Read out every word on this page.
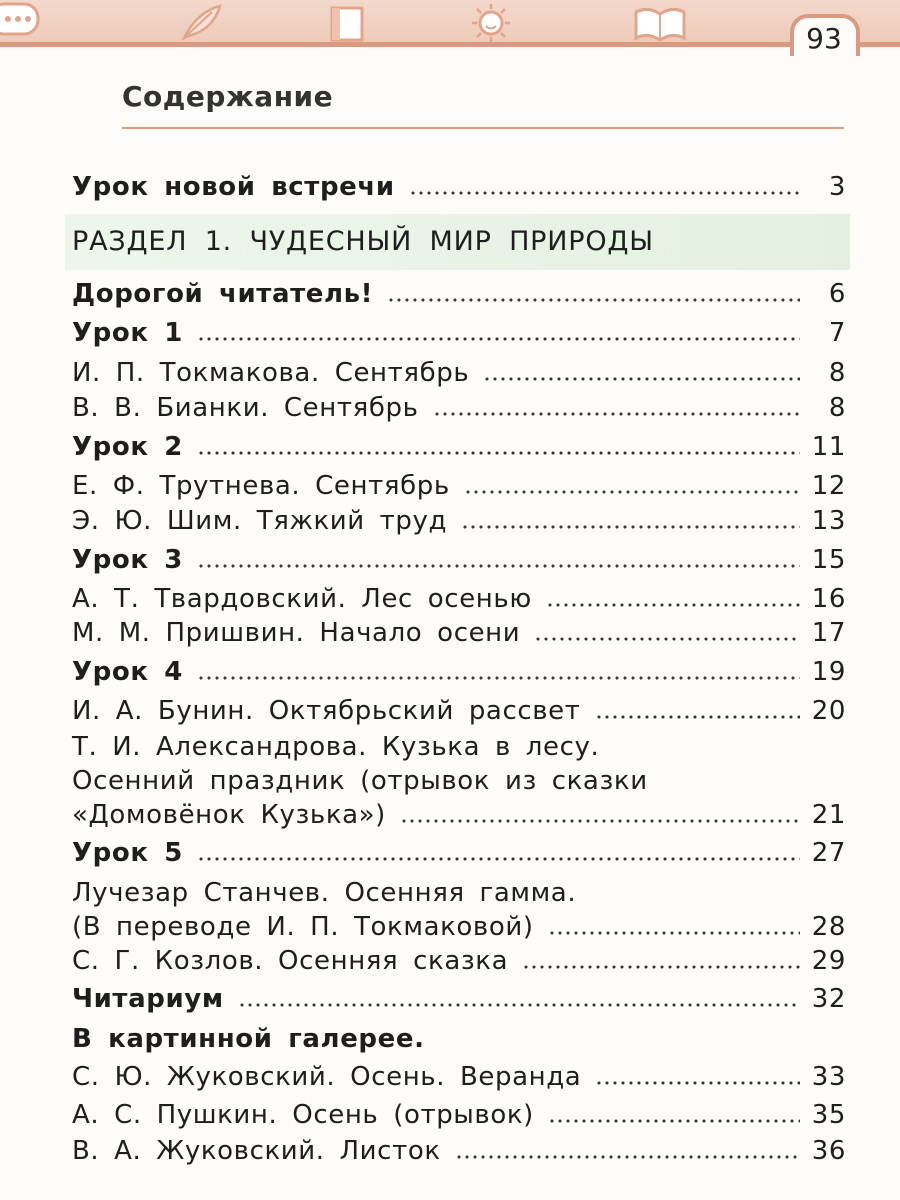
93
Содержание
РАЗДЕЛ 1. ЧУДЕСНЫЙ МИР ПРИРОДЫ
Урок новой встречи	3
Дорогой читатель!	6
Урок 1	7
И. П. Токмакова. Сентябрь	8
В. В. Бианки. Сентябрь	8
Урок 2	11
Е. Ф. Трутнева. Сентябрь	12
Э. Ю. Шим. Тяжкий труд	13
Урок 3	15
А. Т. Твардовский. Лес осенью	16
М. М. Пришвин. Начало осени	17
Урок 4	19
И. А. Бунин. Октябрьский рассвет	20
Т. И. Александрова. Кузька в лесу.
Осенний праздник (отрывок из сказки
«Домовёнок Кузька»)	21
Урок 5	27
Лучезар Станчев. Осенняя гамма.
(В переводе И. П. Токмаковой)	28
С. Г. Козлов. Осенняя сказка	29
Читариум	32
В картинной галерее.
С. Ю. Жуковский. Осень. Веранда	33
А. С. Пушкин. Осень (отрывок)	35
В. А. Жуковский. Листок	36
